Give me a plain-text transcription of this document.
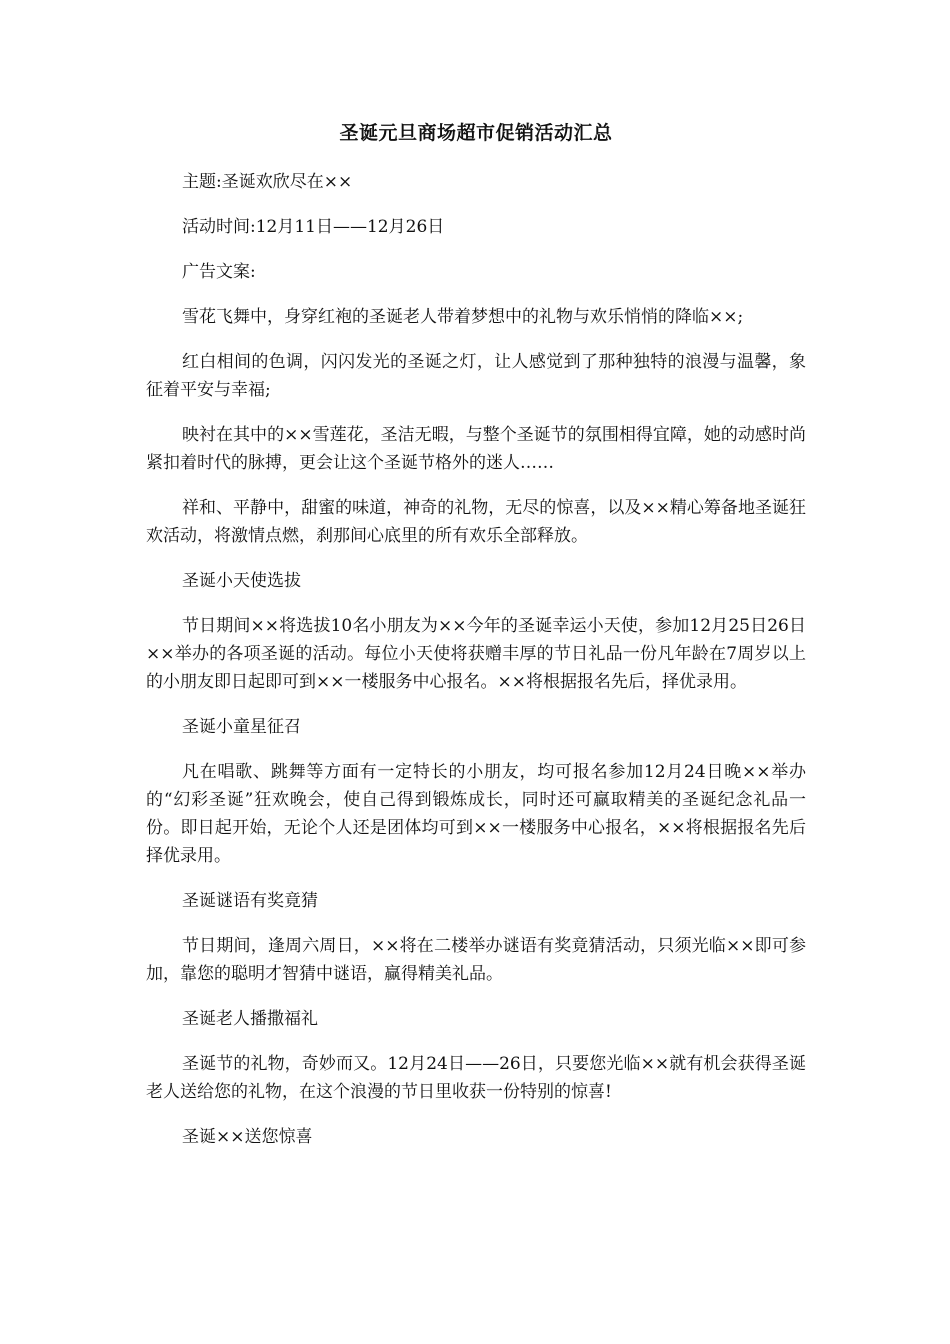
圣诞元旦商场超市促销活动汇总

主题:圣诞欢欣尽在××

活动时间:12月11日——12月26日

广告文案:

雪花飞舞中，身穿红袍的圣诞老人带着梦想中的礼物与欢乐悄悄的降临××;

红白相间的色调，闪闪发光的圣诞之灯，让人感觉到了那种独特的浪漫与温馨，象征着平安与幸福;

映衬在其中的××雪莲花，圣洁无暇，与整个圣诞节的氛围相得宜障，她的动感时尚紧扣着时代的脉搏，更会让这个圣诞节格外的迷人……

祥和、平静中，甜蜜的味道，神奇的礼物，无尽的惊喜，以及××精心筹备地圣诞狂欢活动，将激情点燃，刹那间心底里的所有欢乐全部释放。

圣诞小天使选拔

节日期间××将选拔10名小朋友为××今年的圣诞幸运小天使，参加12月25日26日××举办的各项圣诞的活动。每位小天使将获赠丰厚的节日礼品一份凡年龄在7周岁以上的小朋友即日起即可到××一楼服务中心报名。××将根据报名先后，择优录用。

圣诞小童星征召

凡在唱歌、跳舞等方面有一定特长的小朋友，均可报名参加12月24日晚××举办的“幻彩圣诞”狂欢晚会，使自己得到锻炼成长，同时还可赢取精美的圣诞纪念礼品一份。即日起开始，无论个人还是团体均可到××一楼服务中心报名，××将根据报名先后择优录用。

圣诞谜语有奖竟猜

节日期间，逢周六周日，××将在二楼举办谜语有奖竟猜活动，只须光临××即可参加，靠您的聪明才智猜中谜语，赢得精美礼品。

圣诞老人播撒福礼

圣诞节的礼物，奇妙而又。12月24日——26日，只要您光临××就有机会获得圣诞老人送给您的礼物，在这个浪漫的节日里收获一份特别的惊喜!

圣诞××送您惊喜
